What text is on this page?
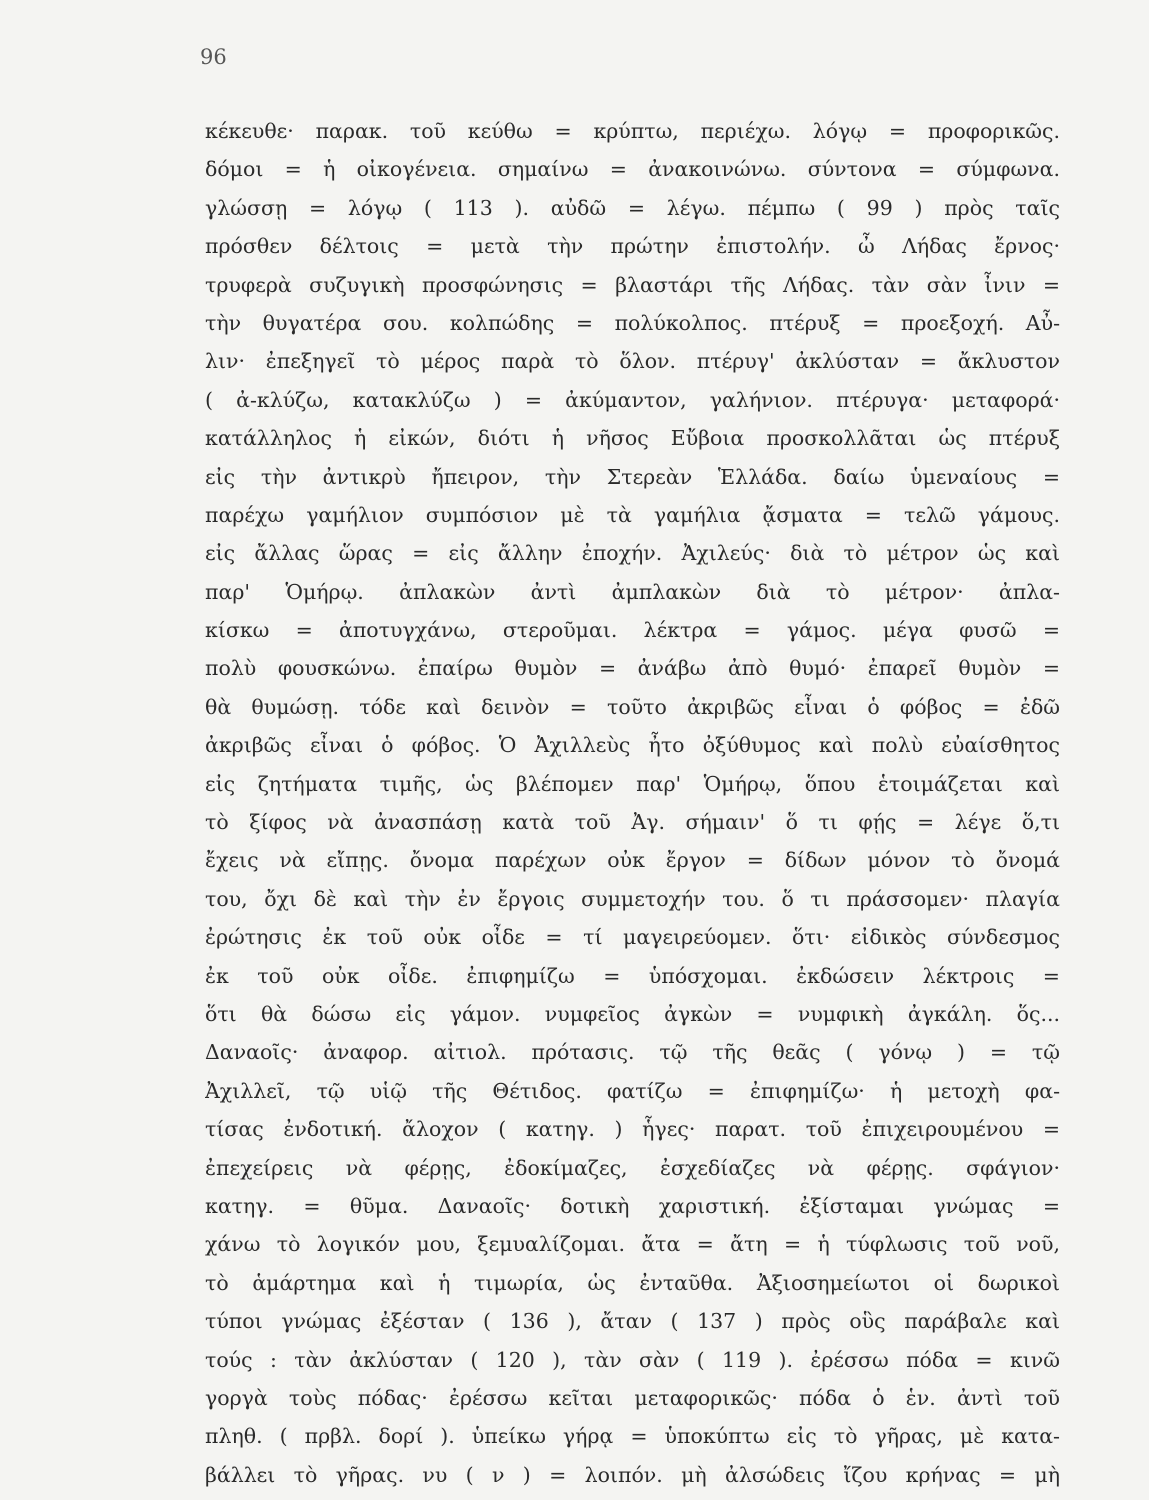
96
κέκευθε· παρακ. τοῦ κεύθω = κρύπτω, περιέχω. λόγῳ = προφορικῶς.
δόμοι = ἡ οἰκογένεια. σημαίνω = ἀνακοινώνω. σύντονα = σύμφωνα.
γλώσσῃ = λόγῳ ( 113 ). αὐδῶ = λέγω. πέμπω ( 99 ) πρὸς ταῖς
πρόσθεν δέλτοις = μετὰ τὴν πρώτην ἐπιστολήν. ὦ Λήδας ἔρνος·
τρυφερὰ συζυγικὴ προσφώνησις = βλαστάρι τῆς Λήδας. τὰν σὰν ἶνιν =
τὴν θυγατέρα σου. κολπώδης = πολύκολπος. πτέρυξ = προεξοχή. Αὖ-
λιν· ἐπεξηγεῖ τὸ μέρος παρὰ τὸ ὅλον. πτέρυγ' ἀκλύσταν = ἄκλυστον
( ἀ-κλύζω, κατακλύζω ) = ἀκύμαντον, γαλήνιον. πτέρυγα· μεταφορά·
κατάλληλος ἡ εἰκών, διότι ἡ νῆσος Εὔβοια προσκολλᾶται ὡς πτέρυξ
εἰς τὴν ἀντικρὺ ἤπειρον, τὴν Στερεὰν Ἑλλάδα. δαίω ὑμεναίους =
παρέχω γαμήλιον συμπόσιον μὲ τὰ γαμήλια ᾄσματα = τελῶ γάμους.
εἰς ἄλλας ὥρας = εἰς ἄλλην ἐποχήν. Ἀχιλεύς· διὰ τὸ μέτρον ὡς καὶ
παρ' Ὁμήρῳ. ἀπλακὼν ἀντὶ ἀμπλακὼν διὰ τὸ μέτρον· ἀπλα-
κίσκω = ἀποτυγχάνω, στεροῦμαι. λέκτρα = γάμος. μέγα φυσῶ =
πολὺ φουσκώνω. ἐπαίρω θυμὸν = ἀνάβω ἀπὸ θυμό· ἐπαρεῖ θυμὸν =
θὰ θυμώσῃ. τόδε καὶ δεινὸν = τοῦτο ἀκριβῶς εἶναι ὁ φόβος = ἐδῶ
ἀκριβῶς εἶναι ὁ φόβος. Ὁ Ἀχιλλεὺς ἦτο ὀξύθυμος καὶ πολὺ εὐαίσθητος
εἰς ζητήματα τιμῆς, ὡς βλέπομεν παρ' Ὁμήρῳ, ὅπου ἑτοιμάζεται καὶ
τὸ ξίφος νὰ ἀνασπάσῃ κατὰ τοῦ Ἀγ. σήμαιν' ὅ τι φῄς = λέγε ὅ,τι
ἔχεις νὰ εἴπῃς. ὄνομα παρέχων οὐκ ἔργον = δίδων μόνον τὸ ὄνομά
του, ὄχι δὲ καὶ τὴν ἐν ἔργοις συμμετοχήν του. ὅ τι πράσσομεν· πλαγία
ἐρώτησις ἐκ τοῦ οὐκ οἶδε = τί μαγειρεύομεν. ὅτι· εἰδικὸς σύνδεσμος
ἐκ τοῦ οὐκ οἶδε. ἐπιφημίζω = ὑπόσχομαι. ἐκδώσειν λέκτροις =
ὅτι θὰ δώσω εἰς γάμον. νυμφεῖος ἀγκὼν = νυμφικὴ ἀγκάλη. ὅς...
Δαναοῖς· ἀναφορ. αἰτιολ. πρότασις. τῷ τῆς θεᾶς ( γόνῳ ) = τῷ
Ἀχιλλεῖ, τῷ υἱῷ τῆς Θέτιδος. φατίζω = ἐπιφημίζω· ἡ μετοχὴ φα-
τίσας ἐνδοτική. ἄλοχον ( κατηγ. ) ἧγες· παρατ. τοῦ ἐπιχειρουμένου =
ἐπεχείρεις νὰ φέρῃς, ἐδοκίμαζες, ἐσχεδίαζες νὰ φέρῃς. σφάγιον·
κατηγ. = θῦμα. Δαναοῖς· δοτικὴ χαριστική. ἐξίσταμαι γνώμας =
χάνω τὸ λογικόν μου, ξεμυαλίζομαι. ἄτα = ἄτη = ἡ τύφλωσις τοῦ νοῦ,
τὸ ἁμάρτημα καὶ ἡ τιμωρία, ὡς ἐνταῦθα. Ἀξιοσημείωτοι οἱ δωρικοὶ
τύποι γνώμας ἐξέσταν ( 136 ), ἄταν ( 137 ) πρὸς οὓς παράβαλε καὶ
τούς : τὰν ἀκλύσταν ( 120 ), τὰν σὰν ( 119 ). ἐρέσσω πόδα = κινῶ
γοργὰ τοὺς πόδας· ἐρέσσω κεῖται μεταφορικῶς· πόδα ὁ ἑν. ἀντὶ τοῦ
πληθ. ( πρβλ. δορί ). ὑπείκω γήρᾳ = ὑποκύπτω εἰς τὸ γῆρας, μὲ κατα-
βάλλει τὸ γῆρας. νυ ( ν ) = λοιπόν. μὴ ἀλσώδεις ἴζου κρήνας = μὴ
